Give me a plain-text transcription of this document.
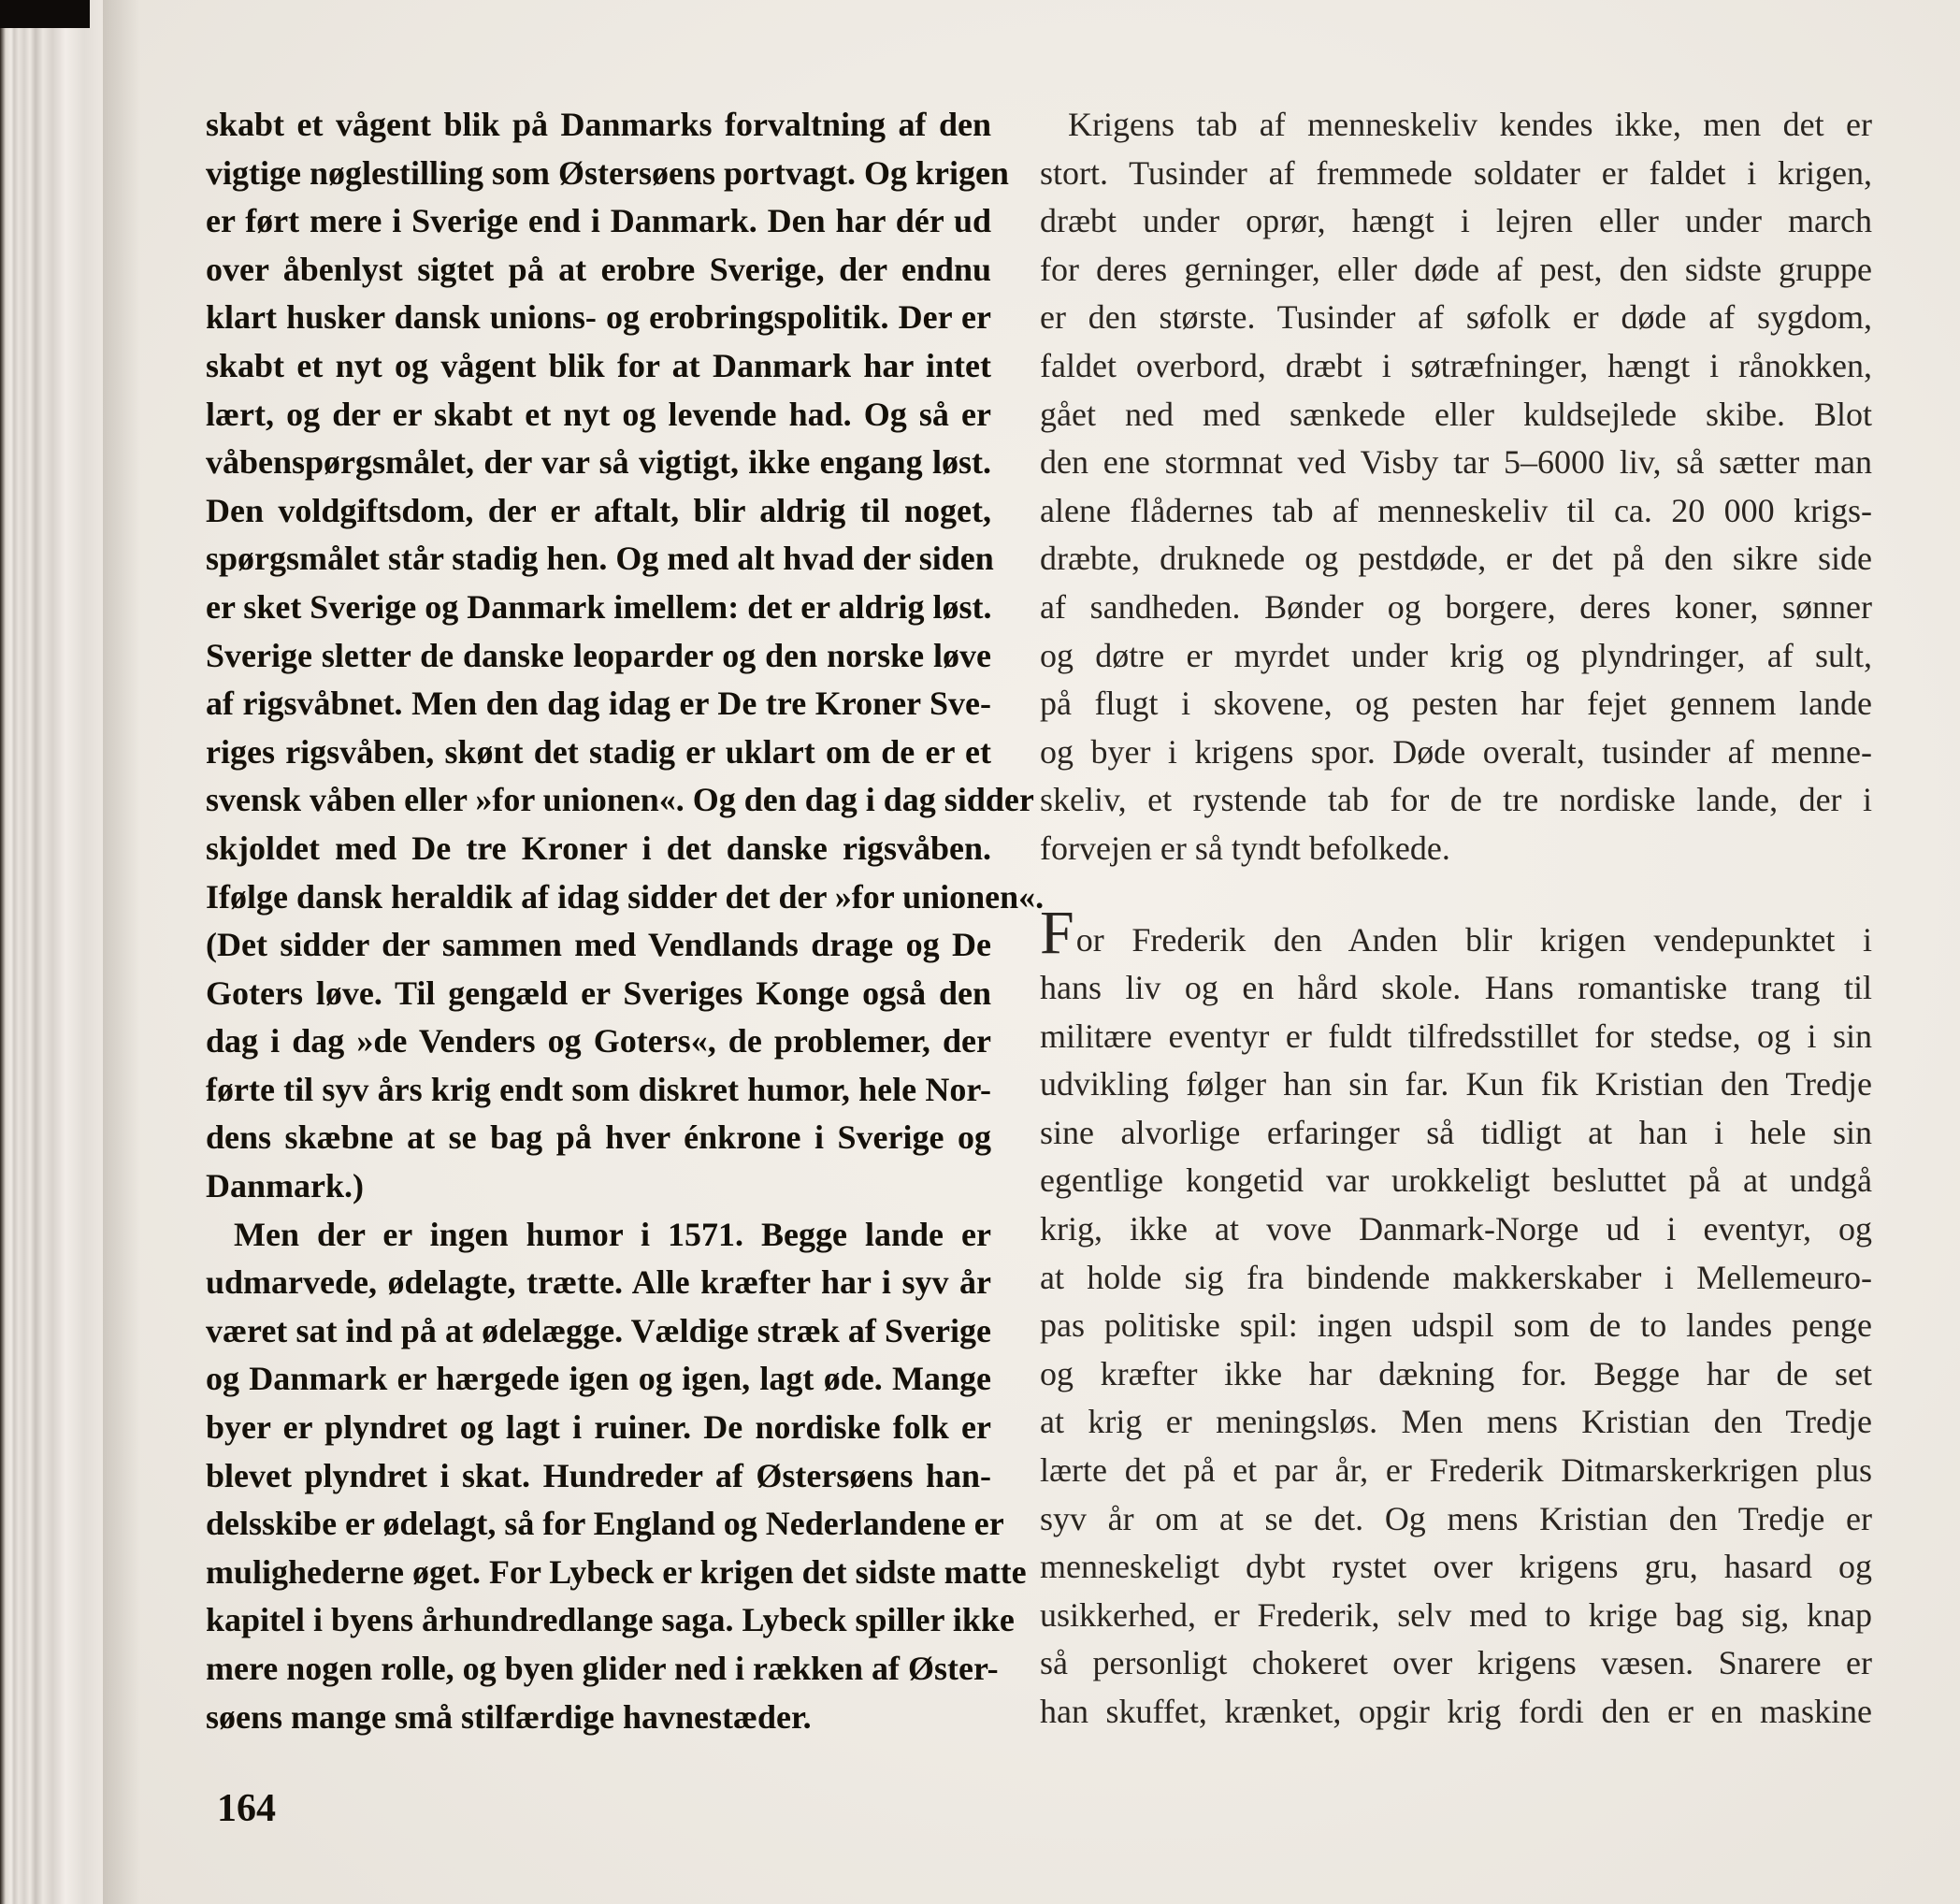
skabt et vågent blik på Danmarks forvaltning af den
vigtige nøglestilling som Østersøens portvagt. Og krigen
er ført mere i Sverige end i Danmark. Den har dér ud
over åbenlyst sigtet på at erobre Sverige, der endnu
klart husker dansk unions- og erobringspolitik. Der er
skabt et nyt og vågent blik for at Danmark har intet
lært, og der er skabt et nyt og levende had. Og så er
våbenspørgsmålet, der var så vigtigt, ikke engang løst.
Den voldgiftsdom, der er aftalt, blir aldrig til noget,
spørgsmålet står stadig hen. Og med alt hvad der siden
er sket Sverige og Danmark imellem: det er aldrig løst.
Sverige sletter de danske leoparder og den norske løve
af rigsvåbnet. Men den dag idag er De tre Kroner Sve-
riges rigsvåben, skønt det stadig er uklart om de er et
svensk våben eller »for unionen«. Og den dag i dag sidder
skjoldet med De tre Kroner i det danske rigsvåben.
Ifølge dansk heraldik af idag sidder det der »for unionen«.
(Det sidder der sammen med Vendlands drage og De
Goters løve. Til gengæld er Sveriges Konge også den
dag i dag »de Venders og Goters«, de problemer, der
førte til syv års krig endt som diskret humor, hele Nor-
dens skæbne at se bag på hver énkrone i Sverige og
Danmark.)
Men der er ingen humor i 1571. Begge lande er
udmarvede, ødelagte, trætte. Alle kræfter har i syv år
været sat ind på at ødelægge. Vældige stræk af Sverige
og Danmark er hærgede igen og igen, lagt øde. Mange
byer er plyndret og lagt i ruiner. De nordiske folk er
blevet plyndret i skat. Hundreder af Østersøens han-
delsskibe er ødelagt, så for England og Nederlandene er
mulighederne øget. For Lybeck er krigen det sidste matte
kapitel i byens århundredlange saga. Lybeck spiller ikke
mere nogen rolle, og byen glider ned i rækken af Øster-
søens mange små stilfærdige havnestæder.
Krigens tab af menneskeliv kendes ikke, men det er
stort. Tusinder af fremmede soldater er faldet i krigen,
dræbt under oprør, hængt i lejren eller under march
for deres gerninger, eller døde af pest, den sidste gruppe
er den største. Tusinder af søfolk er døde af sygdom,
faldet overbord, dræbt i søtræfninger, hængt i rånokken,
gået ned med sænkede eller kuldsejlede skibe. Blot
den ene stormnat ved Visby tar 5–6000 liv, så sætter man
alene flådernes tab af menneskeliv til ca. 20 000 krigs-
dræbte, druknede og pestdøde, er det på den sikre side
af sandheden. Bønder og borgere, deres koner, sønner
og døtre er myrdet under krig og plyndringer, af sult,
på flugt i skovene, og pesten har fejet gennem lande
og byer i krigens spor. Døde overalt, tusinder af menne-
skeliv, et rystende tab for de tre nordiske lande, der i
forvejen er så tyndt befolkede.
For Frederik den Anden blir krigen vendepunktet i
hans liv og en hård skole. Hans romantiske trang til
militære eventyr er fuldt tilfredsstillet for stedse, og i sin
udvikling følger han sin far. Kun fik Kristian den Tredje
sine alvorlige erfaringer så tidligt at han i hele sin
egentlige kongetid var urokkeligt besluttet på at undgå
krig, ikke at vove Danmark-Norge ud i eventyr, og
at holde sig fra bindende makkerskaber i Mellemeuro-
pas politiske spil: ingen udspil som de to landes penge
og kræfter ikke har dækning for. Begge har de set
at krig er meningsløs. Men mens Kristian den Tredje
lærte det på et par år, er Frederik Ditmarskerkrigen plus
syv år om at se det. Og mens Kristian den Tredje er
menneskeligt dybt rystet over krigens gru, hasard og
usikkerhed, er Frederik, selv med to krige bag sig, knap
så personligt chokeret over krigens væsen. Snarere er
han skuffet, krænket, opgir krig fordi den er en maskine
164
